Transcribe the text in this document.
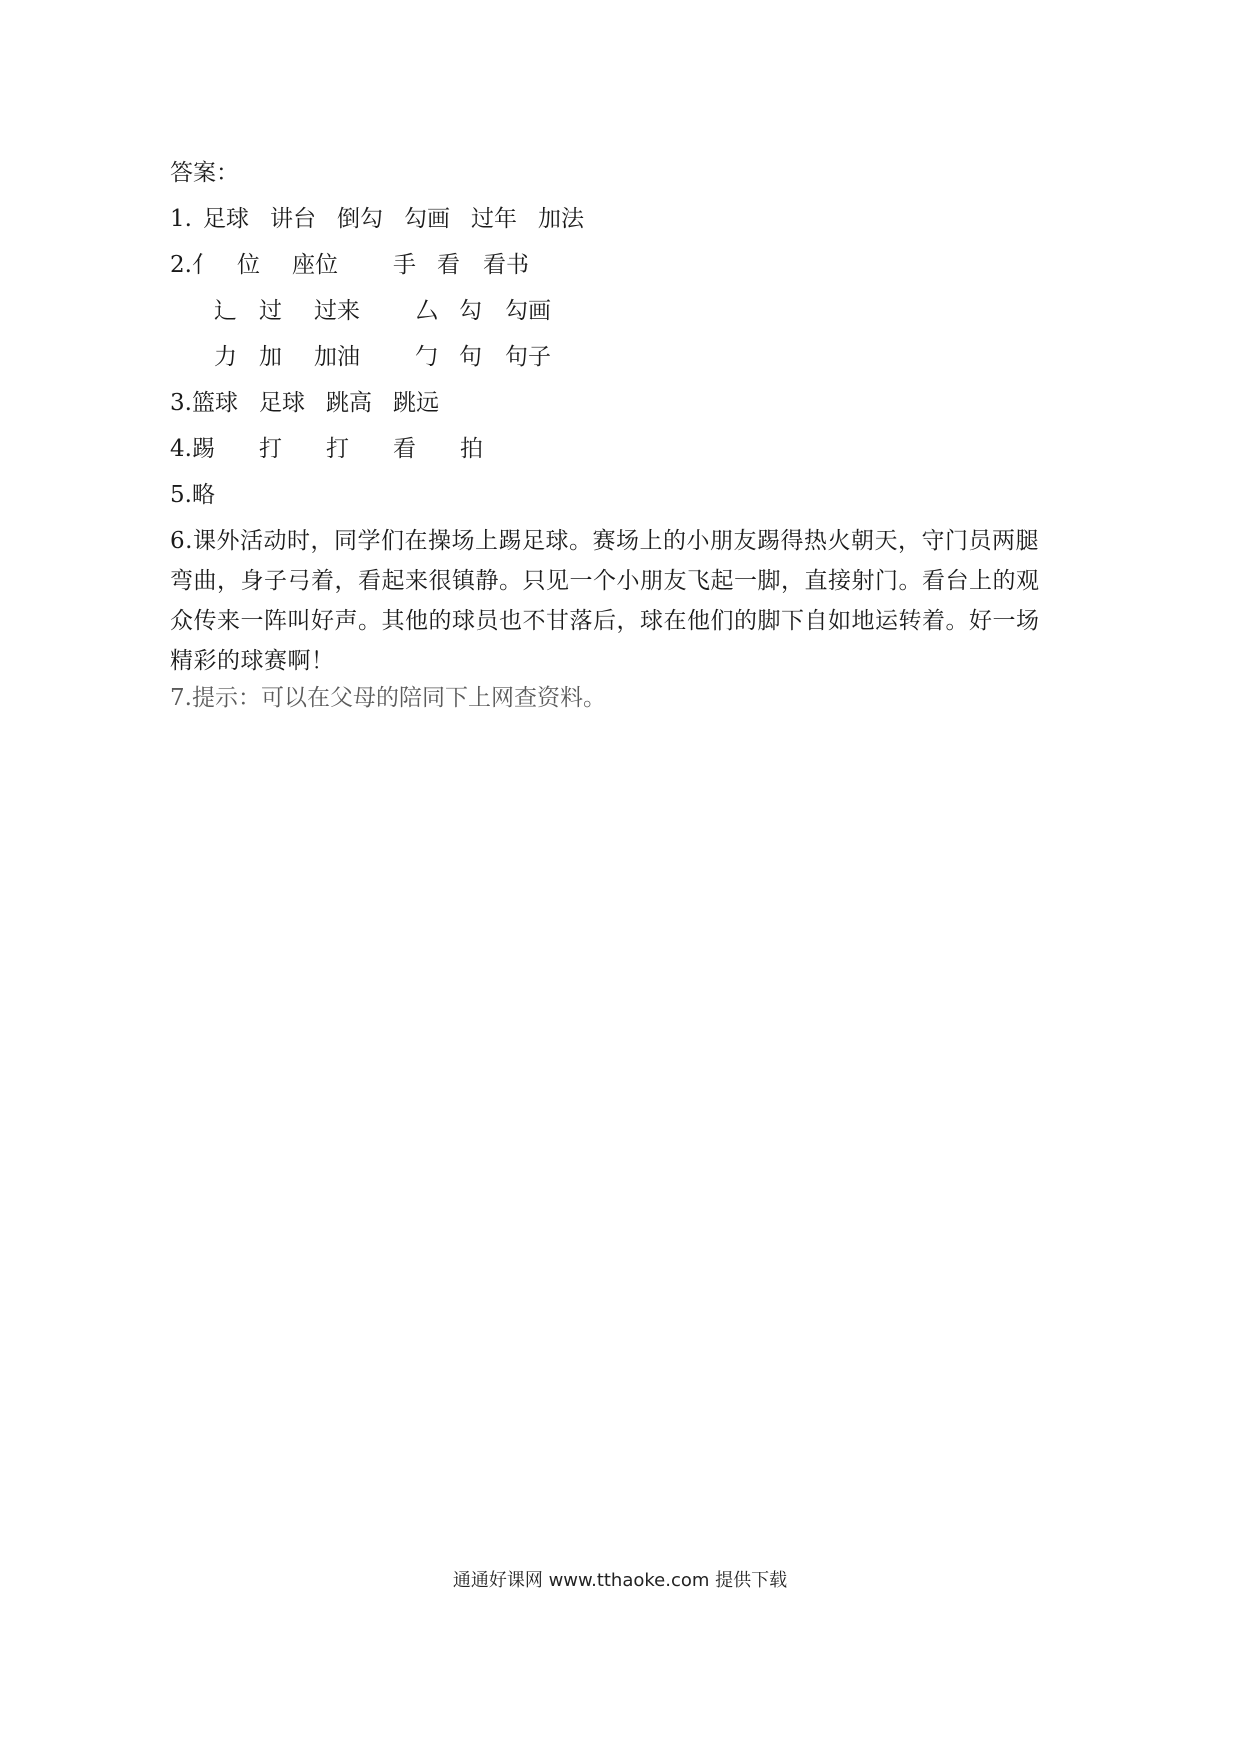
答案：
1. 足球 讲台 倒勾 勾画 过年 加法
2. 亻 位 座位 手 看 看书
辶 过 过来 厶 勾 勾画
力 加 加油 勹 句 句子
3. 篮球 足球 跳高 跳远
4. 踢 打 打 看 拍
5. 略
6.课外活动时，同学们在操场上踢足球。赛场上的小朋友踢得热火朝天，守门员两腿弯曲，身子弓着，看起来很镇静。只见一个小朋友飞起一脚，直接射门。看台上的观众传来一阵叫好声。其他的球员也不甘落后，球在他们的脚下自如地运转着。好一场精彩的球赛啊！
7. 提示：可以在父母的陪同下上网查资料。
通通好课网 www.tthaoke.com 提供下载
